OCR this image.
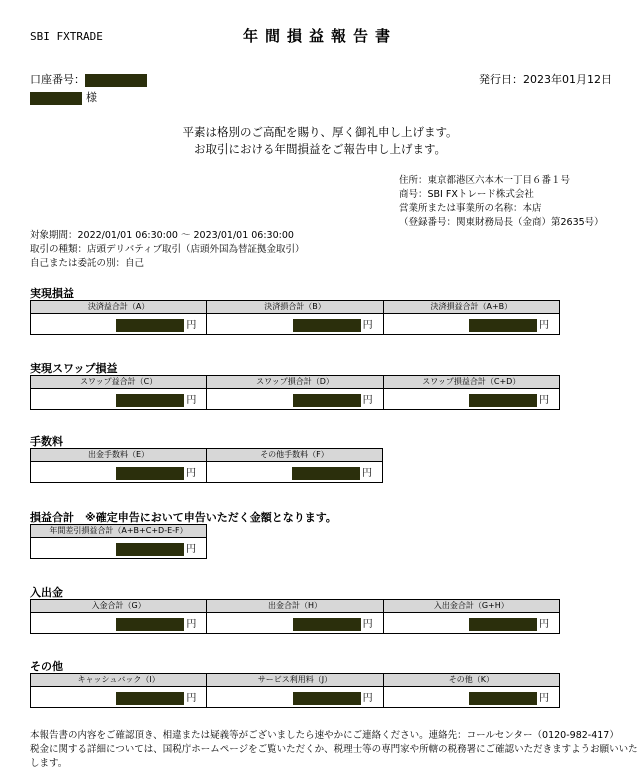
SBI FXTRADE	年間損益報告書
口座番号：
様
発行日：2023年01月12日
平素は格別のご高配を賜り、厚く御礼申し上げます。
お取引における年間損益をご報告申し上げます。
住所：東京都港区六本木一丁目６番１号
商号：SBI FXトレード株式会社
営業所または事業所の名称：本店
（登録番号：関東財務局長（金商）第2635号）
対象期間：2022/01/01 06:30:00 ～ 2023/01/01 06:30:00
取引の種類：店頭デリバティブ取引（店頭外国為替証拠金取引）
自己または委託の別：自己
実現損益
決済益合計（A）	決済損合計（B）	決済損益合計（A+B）
円	円	円
実現スワップ損益
スワップ益合計（C）	スワップ損合計（D）	スワップ損益合計（C+D）
円	円	円
手数料
出金手数料（E）	その他手数料（F）
円	円
損益合計　※確定申告において申告いただく金額となります。
年間差引損益合計（A+B+C+D-E-F）
円
入出金
入金合計（G）	出金合計（H）	入出金合計（G+H）
円	円	円
その他
キャッシュバック（I）	サービス利用料（J）	その他（K）
円	円	円
本報告書の内容をご確認頂き、相違または疑義等がございましたら速やかにご連絡ください。連絡先：コールセンター（0120-982-417）
税金に関する詳細については、国税庁ホームページをご覧いただくか、税理士等の専門家や所轄の税務署にご確認いただきますようお願いいた
します。
